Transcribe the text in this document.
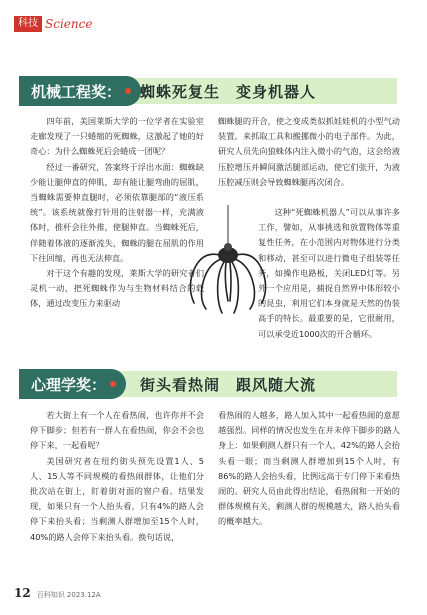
科技 Science
机械工程奖： 蜘蛛死复生　变身机器人

四年前，美国莱斯大学的一位学者在实验室走廊发现了一只蜷缩的死蜘蛛，这激起了她的好奇心：为什么蜘蛛死后会蜷成一团呢？

经过一番研究，答案终于浮出水面：蜘蛛缺少能让腿伸直的伸肌，却有能让腿弯曲的屈肌，当蜘蛛需要伸直腿时，必须依靠腿部的“液压系统”。该系统就像打针用的注射器一样，充满液体时，推杆会往外推，使腿伸直。当蜘蛛死后，伴随着体液的逐渐流失，蜘蛛的腿在屈肌的作用下往回缩，再也无法伸直。

对于这个有趣的发现，莱斯大学的研究者们灵机一动，把死蜘蛛作为与生物材料结合的载体，通过改变压力来驱动

蜘蛛腿的开合，使之变成类似抓娃娃机的小型气动装置。来抓取工具和搬挪微小的电子部件。为此，研究人员先向狼蛛体内注入微小的气泡，这会给液压腔增压并瞬间激活腿部运动，使它们张开，为液压腔减压则会导致蜘蛛腿再次闭合。

这种“死蜘蛛机器人”可以从事许多工作，譬如，从事挑选和放置物体等重复性任务，在小范围内对物体进行分类和移动，甚至可以进行微电子组装等任务，如操作电路板，关闭LED灯等。另外一个应用是，捕捉自然界中体形较小的昆虫，利用它们本身就是天然的伪装高手的特长。最重要的是，它很耐用，可以承受近1000次的开合循环。

心理学奖： 街头看热闹　跟风随大流

若大街上有一个人在看热闹，也许你并不会停下脚步；但若有一群人在看热闹，你会不会也停下来，一起看呢？

美国研究者在纽约街头预先设置1人、5人、15人等不同规模的看热闹群体，让他们分批次站在街上，盯着街对面的窗户看。结果发现，如果只有一个人抬头看，只有4%的路人会停下来抬头看；当剩测人群增加至15个人时，40%的路人会停下来抬头看。换句话说，

看热闹的人越多，路人加入其中一起看热闹的意愿越强烈。同样的情况也发生在并未停下脚步的路人身上：如果剩测人群只有一个人，42%的路人会抬头看一眼；而当剩测人群增加到15个人时，有86%的路人会抬头看，比例远高于专门停下来看热闹的。研究人员由此得出结论，看热闹和一开始的群体规模有关，剩测人群的规模越大，路人抬头看的概率越大。

12 百科知识 2023.12A
